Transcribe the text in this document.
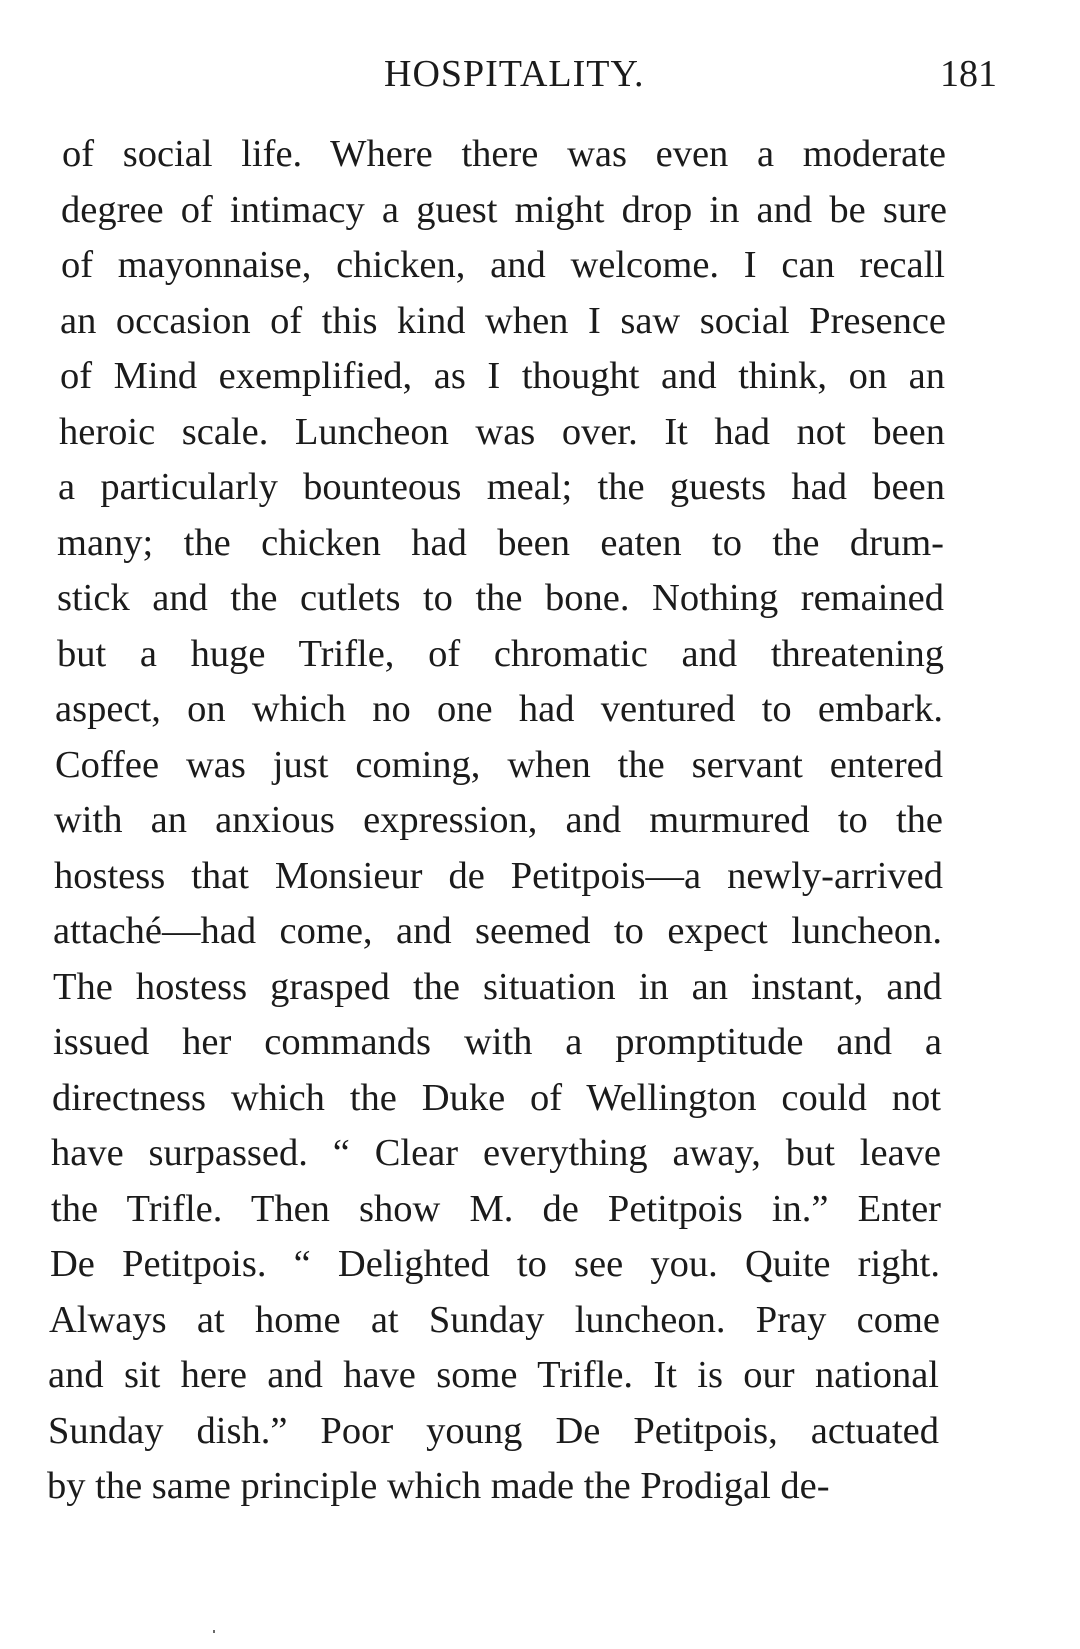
HOSPITALITY.	181
of social life. Where there was even a moderate
degree of intimacy a guest might drop in and be sure
of mayonnaise, chicken, and welcome. I can recall
an occasion of this kind when I saw social Presence
of Mind exemplified, as I thought and think, on an
heroic scale. Luncheon was over. It had not been
a particularly bounteous meal; the guests had been
many; the chicken had been eaten to the drum-
stick and the cutlets to the bone. Nothing remained
but a huge Trifle, of chromatic and threatening
aspect, on which no one had ventured to embark.
Coffee was just coming, when the servant entered
with an anxious expression, and murmured to the
hostess that Monsieur de Petitpois—a newly-arrived
attaché—had come, and seemed to expect luncheon.
The hostess grasped the situation in an instant, and
issued her commands with a promptitude and a
directness which the Duke of Wellington could not
have surpassed. “ Clear everything away, but leave
the Trifle. Then show M. de Petitpois in.” Enter
De Petitpois. “ Delighted to see you. Quite right.
Always at home at Sunday luncheon. Pray come
and sit here and have some Trifle. It is our national
Sunday dish.” Poor young De Petitpois, actuated
by the same principle which made the Prodigal de-
